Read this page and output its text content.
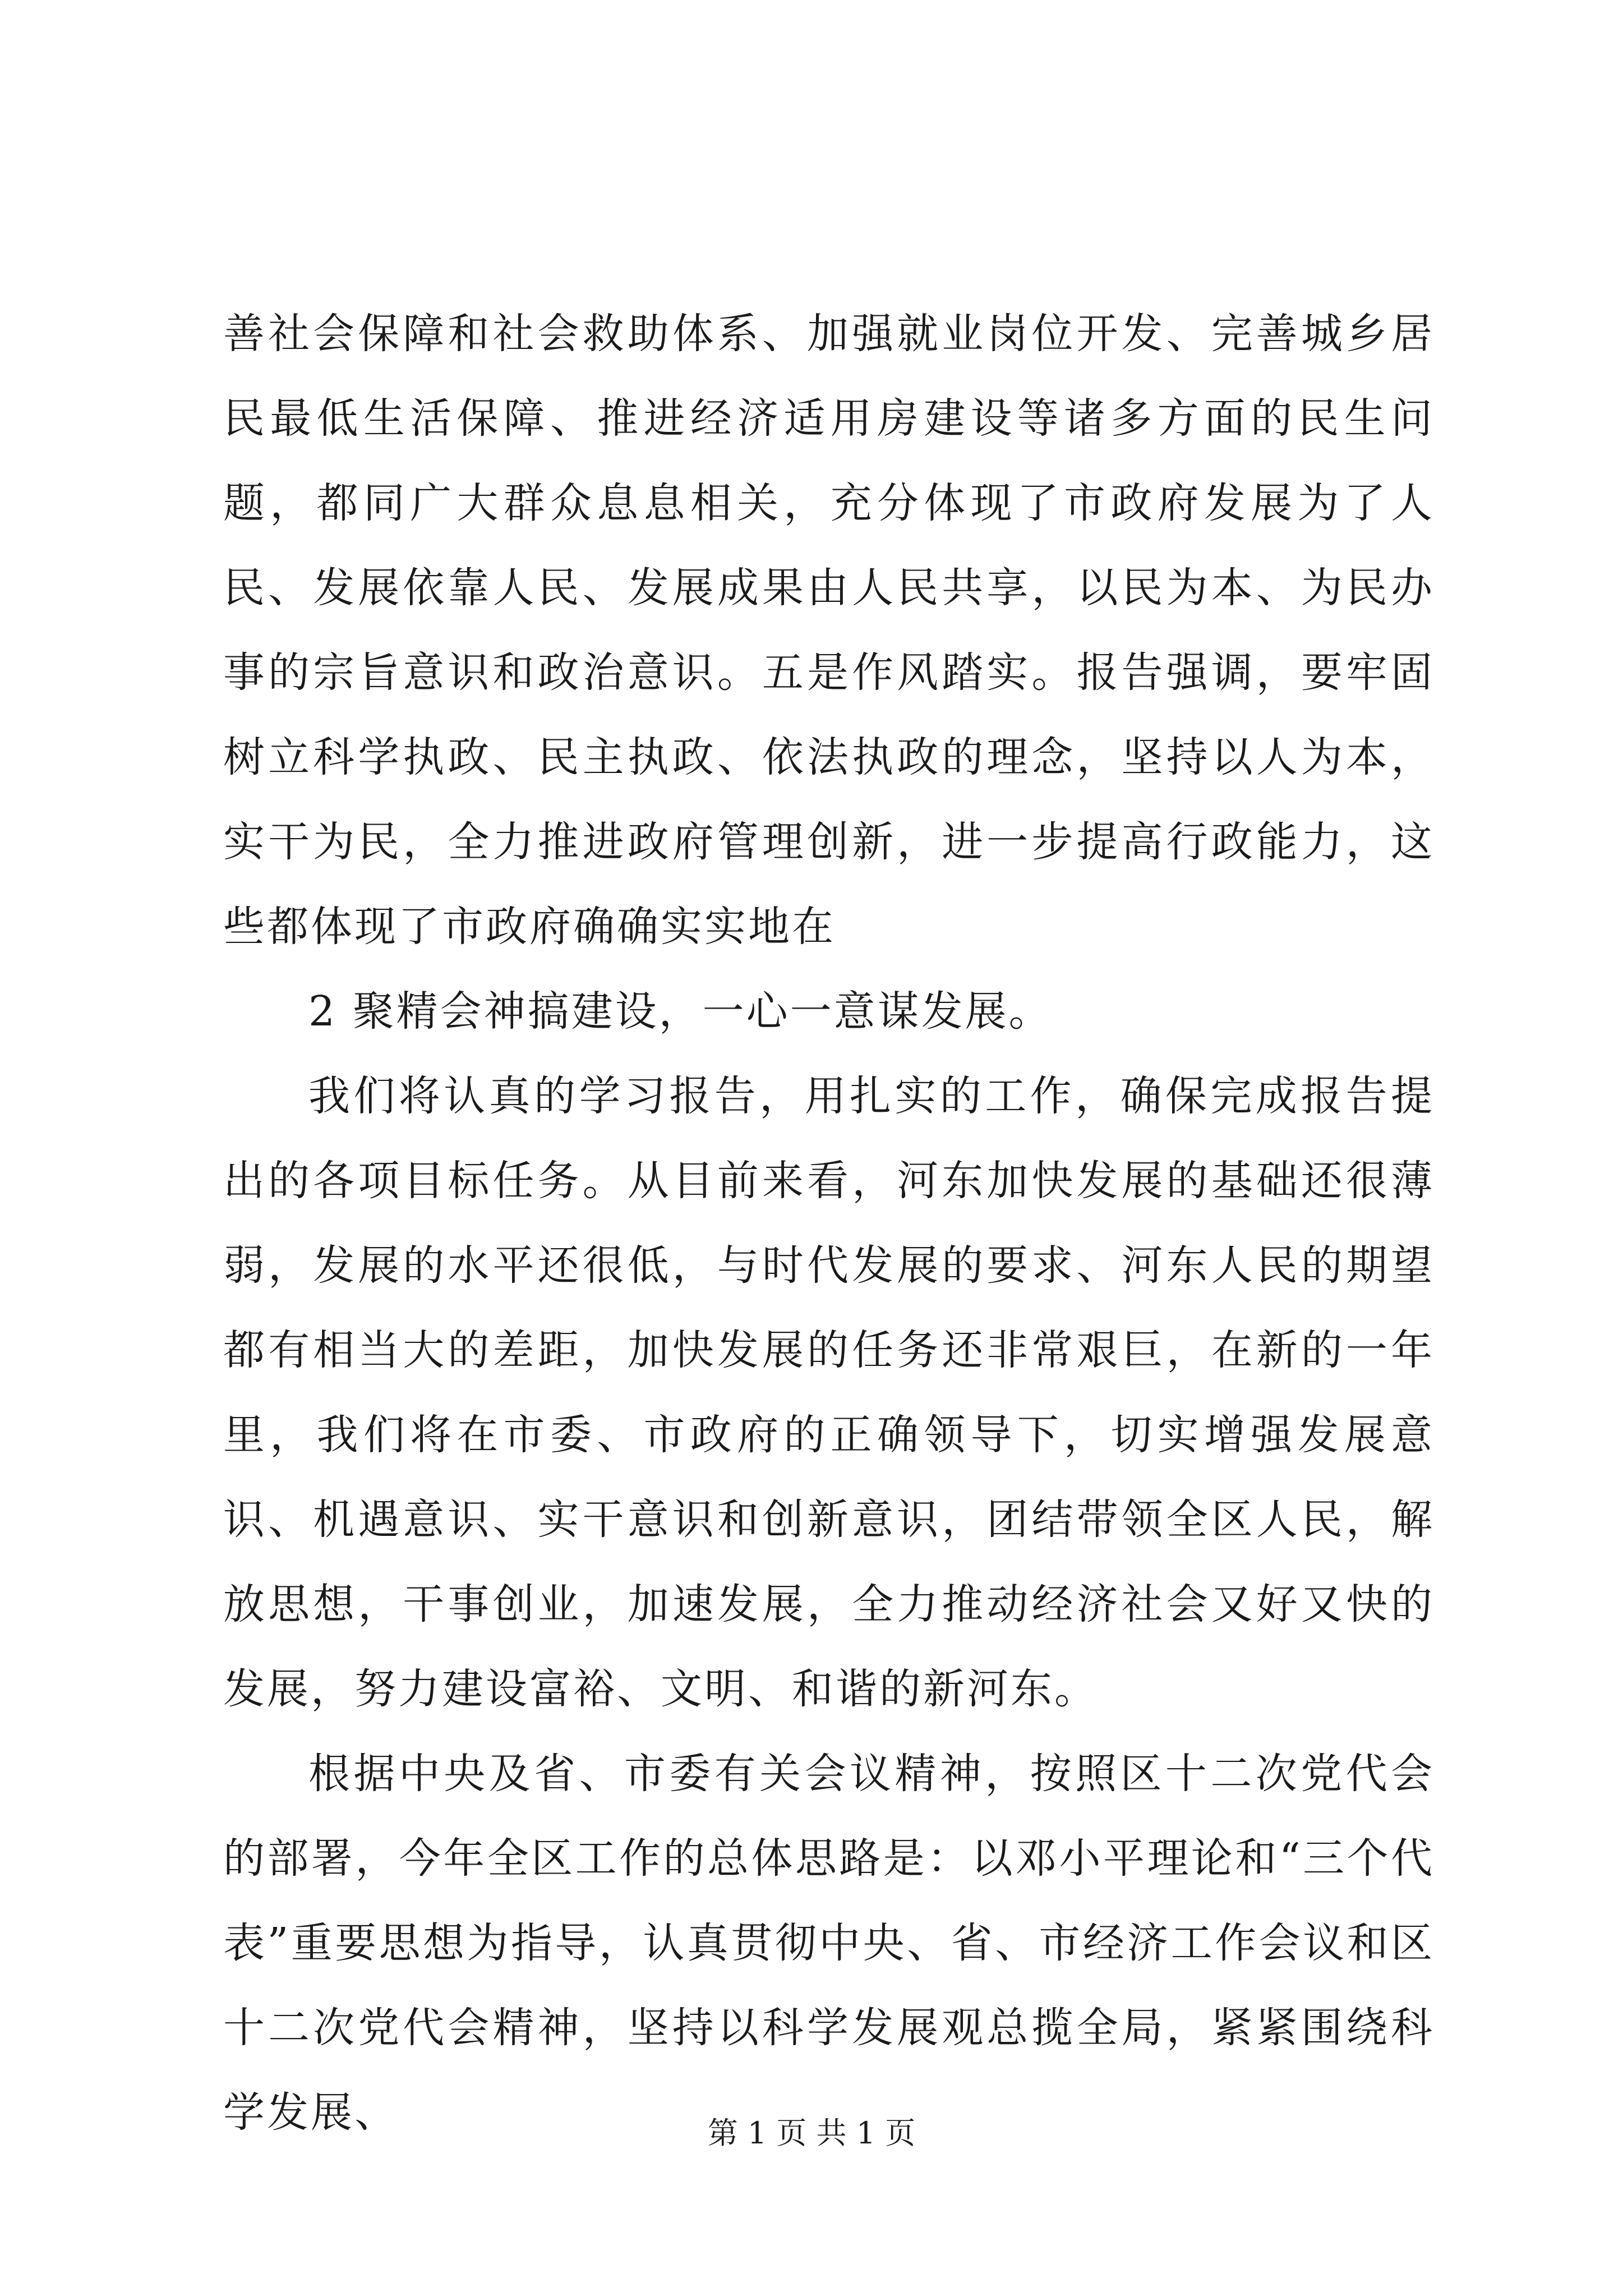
善社会保障和社会救助体系、加强就业岗位开发、完善城乡居民最低生活保障、推进经济适用房建设等诸多方面的民生问题，都同广大群众息息相关，充分体现了市政府发展为了人民、发展依靠人民、发展成果由人民共享，以民为本、为民办事的宗旨意识和政治意识。五是作风踏实。报告强调，要牢固树立科学执政、民主执政、依法执政的理念，坚持以人为本，实干为民，全力推进政府管理创新，进一步提高行政能力，这些都体现了市政府确确实实地在

2 聚精会神搞建设，一心一意谋发展。

我们将认真的学习报告，用扎实的工作，确保完成报告提出的各项目标任务。从目前来看，河东加快发展的基础还很薄弱，发展的水平还很低，与时代发展的要求、河东人民的期望都有相当大的差距，加快发展的任务还非常艰巨，在新的一年里，我们将在市委、市政府的正确领导下，切实增强发展意识、机遇意识、实干意识和创新意识，团结带领全区人民，解放思想，干事创业，加速发展，全力推动经济社会又好又快的发展，努力建设富裕、文明、和谐的新河东。

根据中央及省、市委有关会议精神，按照区十二次党代会的部署，今年全区工作的总体思路是：以邓小平理论和“三个代表”重要思想为指导，认真贯彻中央、省、市经济工作会议和区十二次党代会精神，坚持以科学发展观总揽全局，紧紧围绕科学发展、	第 1 页 共 1 页
